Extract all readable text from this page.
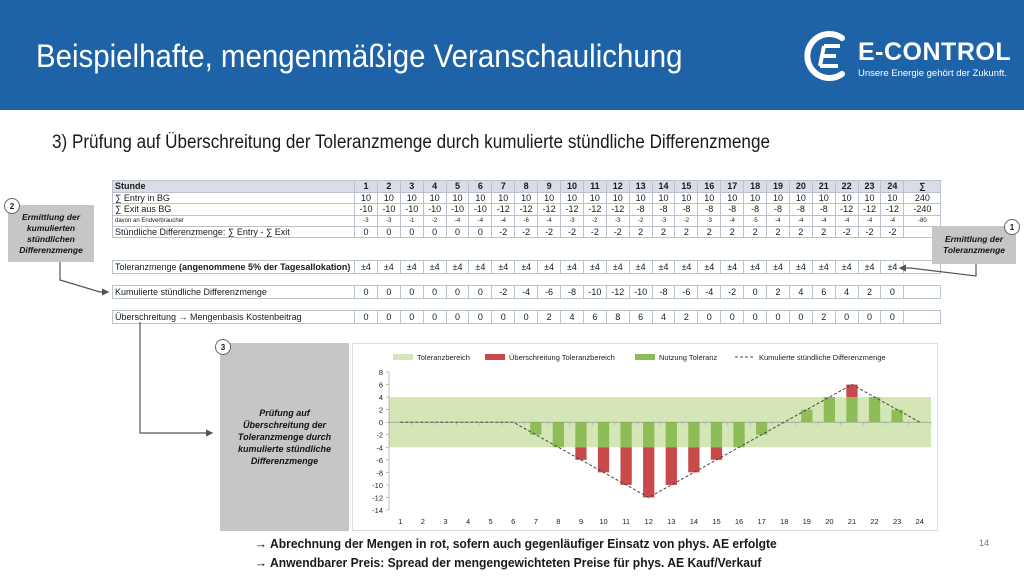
Beispielhafte, mengenmäßige Veranschaulichung	E-CONTROL
Unsere Energie gehört der Zukunft.
3) Prüfung auf Überschreitung der Toleranzmenge durch kumulierte stündliche Differenzmenge
Stunde	1	2	3	4	5	6	7	8	9	10	11	12	13	14	15	16	17	18	19	20	21	22	23	24	∑
∑ Entry in BG	10	10	10	10	10	10	10	10	10	10	10	10	10	10	10	10	10	10	10	10	10	10	10	10	240
∑ Exit aus BG	-10	-10	-10	-10	-10	-10	-12	-12	-12	-12	-12	-12	-8	-8	-8	-8	-8	-8	-8	-8	-8	-12	-12	-12	-240
davon an Endverbraucher	-3	-3	-1	-2	-4	-4	-4	-6	-4	-3	-2	-3	-2	-3	-2	-3	-4	-5	-4	-4	-4	-4	-4	-4	-80
Stündliche Differenzmenge: ∑ Entry - ∑ Exit	0	0	0	0	0	0	-2	-2	-2	-2	-2	-2	2	2	2	2	2	2	2	2	2	-2	-2	-2	
Toleranzmenge (angenommene 5% der Tagesallokation)	±4	±4	±4	±4	±4	±4	±4	±4	±4	±4	±4	±4	±4	±4	±4	±4	±4	±4	±4	±4	±4	±4	±4	±4	
Kumulierte stündliche Differenzmenge	0	0	0	0	0	0	-2	-4	-6	-8	-10	-12	-10	-8	-6	-4	-2	0	2	4	6	4	2	0	
Überschreitung → Mengenbasis Kostenbeitrag	0	0	0	0	0	0	0	0	2	4	6	8	6	4	2	0	0	0	0	0	2	0	0	0	
Ermittlung der kumulierten stündlichen Differenzmenge
2
Ermittlung der Toleranzmenge
1
Prüfung auf Überschreitung der Toleranzmenge durch kumulierte stündliche Differenzmenge
3
8
6
4
2
0
-2
-4
-6
-8
-10
-12
-14
1 2 3 4 5 6 7 8 9 10 11 12 13 14 15 16 17 18 19 20 21 22 23 24
Toleranzbereich	Überschreitung Toleranzbereich	Nutzung Toleranz	Kumulierte stündliche Differenzmenge
→ Abrechnung der Mengen in rot, sofern auch gegenläufiger Einsatz von phys. AE erfolgte
→ Anwendbarer Preis: Spread der mengengewichteten Preise für phys. AE Kauf/Verkauf
14
